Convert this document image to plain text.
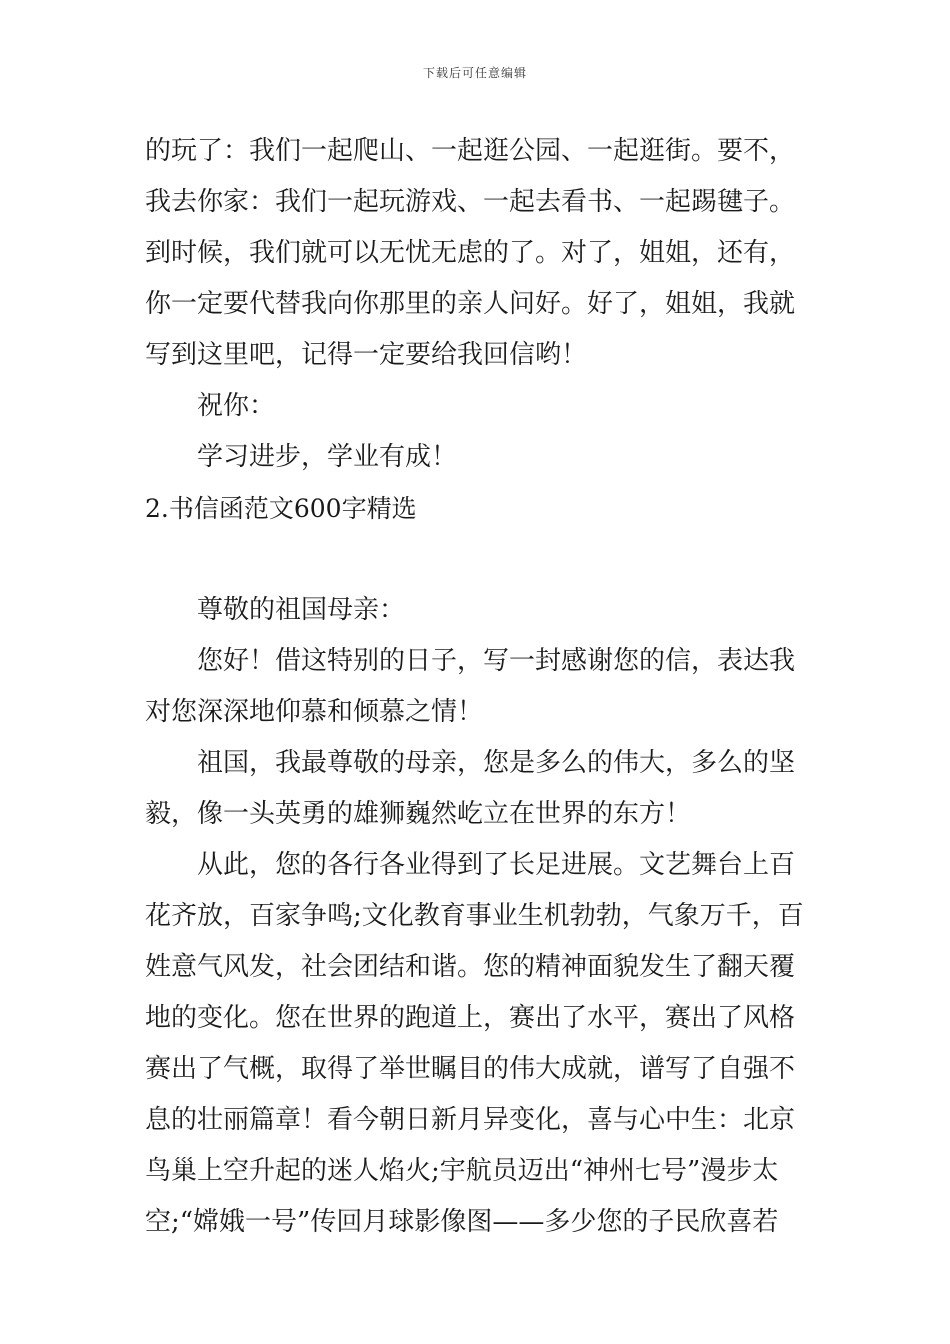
下载后可任意编辑
的玩了：我们一起爬山、一起逛公园、一起逛街。要不，
我去你家：我们一起玩游戏、一起去看书、一起踢毽子。
到时候，我们就可以无忧无虑的了。对了，姐姐，还有，
你一定要代替我向你那里的亲人问好。好了，姐姐，我就
写到这里吧，记得一定要给我回信哟！
祝你：
学习进步，学业有成！
2.书信函范文600字精选
尊敬的祖国母亲：
您好！借这特别的日子，写一封感谢您的信，表达我
对您深深地仰慕和倾慕之情！
祖国，我最尊敬的母亲，您是多么的伟大，多么的坚
毅，像一头英勇的雄狮巍然屹立在世界的东方！
从此，您的各行各业得到了长足进展。文艺舞台上百
花齐放，百家争鸣;文化教育事业生机勃勃，气象万千，百
姓意气风发，社会团结和谐。您的精神面貌发生了翻天覆
地的变化。您在世界的跑道上，赛出了水平，赛出了风格
赛出了气概，取得了举世瞩目的伟大成就，谱写了自强不
息的壮丽篇章！看今朝日新月异变化，喜与心中生：北京
鸟巢上空升起的迷人焰火;宇航员迈出“神州七号”漫步太
空;“嫦娥一号”传回月球影像图——多少您的子民欣喜若
